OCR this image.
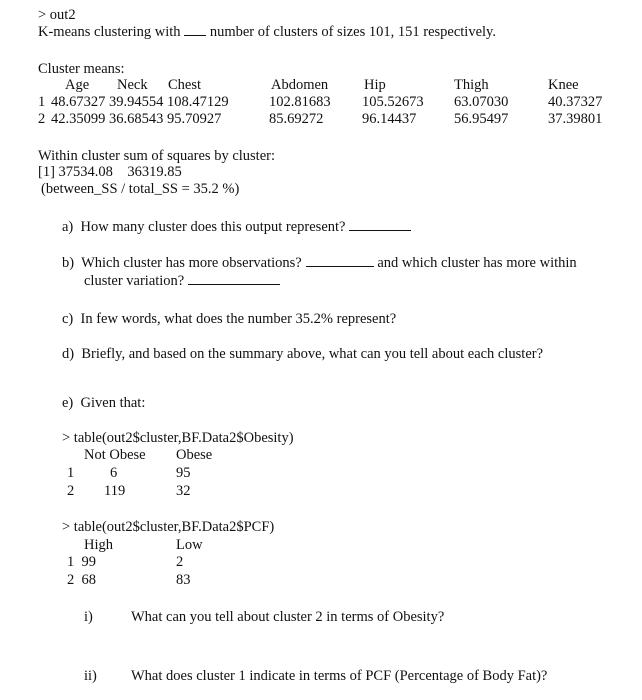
> out2
K-means clustering with number of clusters of sizes 101, 151 respectively.
Cluster means:
Age Neck Chest	Abdomen Hip	Thigh	Knee
1 48.67327 39.94554 108.47129	102.81683 105.52673 63.07030	40.37327
2 42.35099 36.68543 95.70927	85.69272	96.14437	56.95497	37.39801
Within cluster sum of squares by cluster:
[1] 37534.08    36319.85
(between_SS / total_SS = 35.2 %)
a)  How many cluster does this output represent?
b)  Which cluster has more observations?	and which cluster has more within
cluster variation?
c)  In few words, what does the number 35.2% represent?
d)  Briefly, and based on the summary above, what can you tell about each cluster?
e)  Given that:
> table(out2$cluster,BF.Data2$Obesity)
Not Obese Obese
1 6	95
2 119	32
> table(out2$cluster,BF.Data2$PCF)
High	Low
1  99	2
2  68	83
i)	What can you tell about cluster 2 in terms of Obesity?
ii) What does cluster 1 indicate in terms of PCF (Percentage of Body Fat)?
